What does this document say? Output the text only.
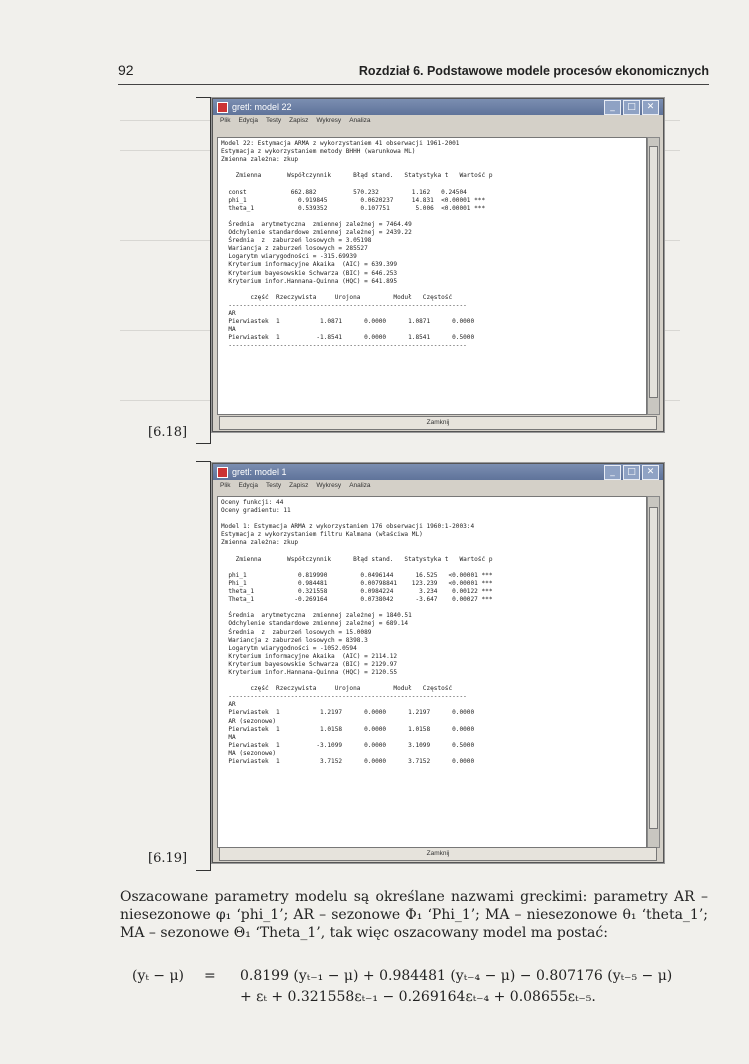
92	Rozdział 6. Podstawowe modele procesów ekonomicznych
gretl: model 22	_	□	✕
Plik Edycja Testy Zapisz Wykresy Analiza
Model 22: Estymacja ARMA z wykorzystaniem 41 obserwacji 1961-2001
Estymacja z wykorzystaniem metody BHHH (warunkowa ML)
Zmienna zależna: zkup
Zmienna       Współczynnik      Błąd stand.   Statystyka t   Wartość p
const            662.882          570.232         1.162   0.24504
phi_1              0.919845         0.0620237     14.831  <0.00001 ***
theta_1            0.539352         0.107751       5.006  <0.00001 ***
Średnia  arytmetyczna  zmiennej zależnej = 7464.49
Odchylenie standardowe zmiennej zależnej = 2439.22
Średnia  z  zaburzeń losowych = 3.05198
Wariancja z zaburzeń losowych = 285527
Logarytm wiarygodności = -315.69939
Kryterium informacyjne Akaika  (AIC) = 639.399
Kryterium bayesowskie Schwarza (BIC) = 646.253
Kryterium infor.Hannana-Quinna (HQC) = 641.895
część  Rzeczywista     Urojona         Moduł   Częstość
-----------------------------------------------------------------
AR
Pierwiastek  1           1.0871      0.0000      1.0871      0.0000
MA
Pierwiastek  1          -1.8541      0.0000      1.8541      0.5000
-----------------------------------------------------------------
Zamknij
[6.18]
gretl: model 1	_	□	✕
Plik Edycja Testy Zapisz Wykresy Analiza
Oceny funkcji: 44
Oceny gradientu: 11
Model 1: Estymacja ARMA z wykorzystaniem 176 obserwacji 1960:1-2003:4
Estymacja z wykorzystaniem filtru Kalmana (właściwa ML)
Zmienna zależna: zkup
Zmienna       Współczynnik      Błąd stand.   Statystyka t   Wartość p
phi_1              0.819990         0.0496144      16.525   <0.00001 ***
Phi_1              0.984481         0.00798841    123.239   <0.00001 ***
theta_1            0.321558         0.0984224       3.234    0.00122 ***
Theta_1           -0.269164         0.0738042      -3.647    0.00027 ***
Średnia  arytmetyczna  zmiennej zależnej = 1840.51
Odchylenie standardowe zmiennej zależnej = 689.14
Średnia  z  zaburzeń losowych = 15.0089
Wariancja z zaburzeń losowych = 8398.3
Logarytm wiarygodności = -1052.0594
Kryterium informacyjne Akaika  (AIC) = 2114.12
Kryterium bayesowskie Schwarza (BIC) = 2129.97
Kryterium infor.Hannana-Quinna (HQC) = 2120.55
część  Rzeczywista     Urojona         Moduł   Częstość
-----------------------------------------------------------------
AR
Pierwiastek  1           1.2197      0.0000      1.2197      0.0000
AR (sezonowe)
Pierwiastek  1           1.0158      0.0000      1.0158      0.0000
MA
Pierwiastek  1          -3.1099      0.0000      3.1099      0.5000
MA (sezonowe)
Pierwiastek  1           3.7152      0.0000      3.7152      0.0000
Zamknij
[6.19]
Oszacowane parametry modelu są określane nazwami greckimi: parametry AR – niesezonowe φ₁ ‘phi_1’; AR – sezonowe Φ₁ ‘Phi_1’; MA – niesezonowe θ₁ ‘theta_1’; MA – sezonowe Θ₁ ‘Theta_1’, tak więc oszacowany model ma postać:
(yₜ − μ) = 0.8199 (yₜ₋₁ − μ) + 0.984481 (yₜ₋₄ − μ) − 0.807176 (yₜ₋₅ − μ)
+ εₜ + 0.321558εₜ₋₁ − 0.269164εₜ₋₄ + 0.08655εₜ₋₅.
